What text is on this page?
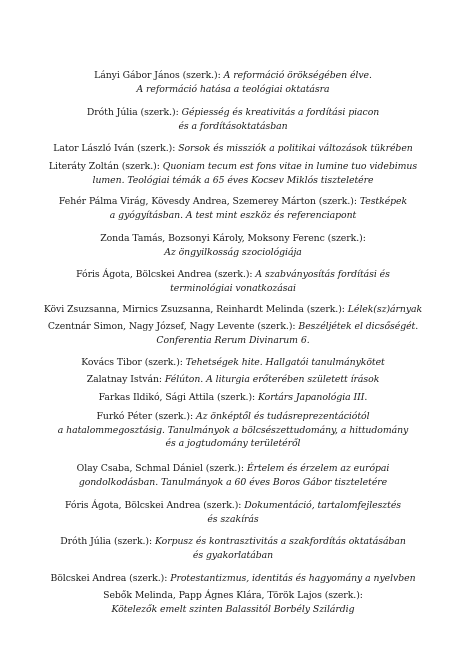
Lányi Gábor János (szerk.): A reformáció örökségében élve.
A reformáció hatása a teológiai oktatásra
Dróth Júlia (szerk.): Gépiesség és kreativitás a fordítási piacon
és a fordításoktatásban
Lator László Iván (szerk.): Sorsok és missziók a politikai változások tükrében
Literáty Zoltán (szerk.): Quoniam tecum est fons vitae in lumine tuo videbimus
lumen. Teológiai témák a 65 éves Kocsev Miklós tiszteletére
Fehér Pálma Virág, Kövesdy Andrea, Szemerey Márton (szerk.): Testképek
a gyógyításban. A test mint eszköz és referenciapont
Zonda Tamás, Bozsonyi Károly, Moksony Ferenc (szerk.):
Az öngyilkosság szociológiája
Fóris Ágota, Bölcskei Andrea (szerk.): A szabványosítás fordítási és
terminológiai vonatkozásai
Kövi Zsuzsanna, Mirnics Zsuzsanna, Reinhardt Melinda (szerk.): Lélek(sz)árnyak
Czentnár Simon, Nagy József, Nagy Levente (szerk.): Beszéljétek el dicsőségét.
Conferentia Rerum Divinarum 6.
Kovács Tibor (szerk.): Tehetségek hite. Hallgatói tanulmánykötet
Zalatnay István: Félúton. A liturgia erőterében született írások
Farkas Ildikó, Sági Attila (szerk.): Kortárs Japanológia III.
Furkó Péter (szerk.): Az önképtől és tudásreprezentációtól
a hatalommegosztásig. Tanulmányok a bölcsészettudomány, a hittudomány
és a jogtudomány területéről
Olay Csaba, Schmal Dániel (szerk.): Értelem és érzelem az európai
gondolkodásban. Tanulmányok a 60 éves Boros Gábor tiszteletére
Fóris Ágota, Bölcskei Andrea (szerk.): Dokumentáció, tartalomfejlesztés
és szakírás
Dróth Júlia (szerk.): Korpusz és kontrasztivitás a szakfordítás oktatásában
és gyakorlatában
Bölcskei Andrea (szerk.): Protestantizmus, identitás és hagyomány a nyelvben
Sebők Melinda, Papp Ágnes Klára, Török Lajos (szerk.):
Kötelezők emelt szinten Balassitól Borbély Szilárdig
